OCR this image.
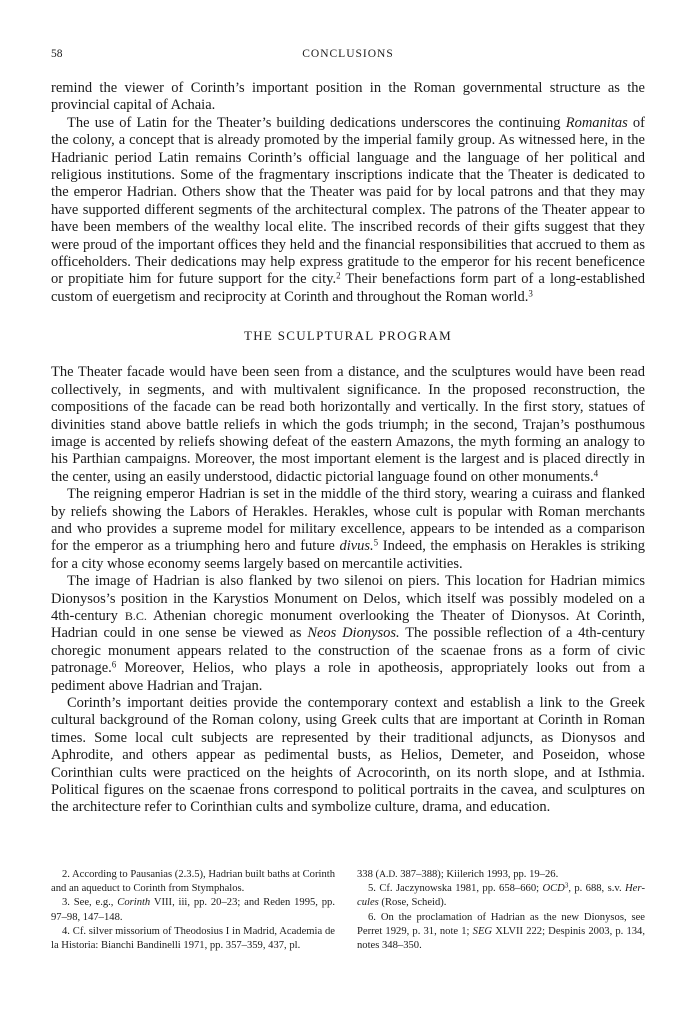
58	CONCLUSIONS

remind the viewer of Corinth’s important position in the Roman governmental structure as the provincial capital of Achaia.

The use of Latin for the Theater’s building dedications underscores the continuing Romanitas of the colony, a concept that is already promoted by the imperial family group. As witnessed here, in the Hadrianic period Latin remains Corinth’s official language and the language of her political and religious institutions. Some of the fragmentary inscriptions indicate that the Theater is dedicated to the emperor Hadrian. Others show that the Theater was paid for by local patrons and that they may have supported different segments of the architectural complex. The patrons of the Theater appear to have been members of the wealthy local elite. The inscribed records of their gifts suggest that they were proud of the important offices they held and the financial responsibilities that accrued to them as officeholders. Their dedications may help express gratitude to the emperor for his recent beneficence or propitiate him for future support for the city.$^2$ Their benefactions form part of a long-established custom of euergetism and reciprocity at Corinth and throughout the Roman world.$^3$

THE SCULPTURAL PROGRAM

The Theater facade would have been seen from a distance, and the sculptures would have been read collectively, in segments, and with multivalent significance. In the proposed reconstruction, the compositions of the facade can be read both horizontally and vertically. In the first story, statues of divinities stand above battle reliefs in which the gods triumph; in the second, Trajan’s posthumous image is accented by reliefs showing defeat of the eastern Amazons, the myth forming an analogy to his Parthian campaigns. Moreover, the most important element is the largest and is placed directly in the center, using an easily understood, didactic pictorial language found on other monuments.$^4$

The reigning emperor Hadrian is set in the middle of the third story, wearing a cuirass and flanked by reliefs showing the Labors of Herakles. Herakles, whose cult is popular with Roman merchants and who provides a supreme model for military excellence, appears to be intended as a comparison for the emperor as a triumphing hero and future divus.$^5$ Indeed, the emphasis on Herakles is striking for a city whose economy seems largely based on mercantile activities.

The image of Hadrian is also flanked by two silenoi on piers. This location for Hadrian mimics Dionysos’s position in the Karystios Monument on Delos, which itself was possibly modeled on a 4th-century B.C. Athenian choregic monument overlooking the Theater of Dionysos. At Corinth, Hadrian could in one sense be viewed as Neos Dionysos. The possible reflection of a 4th-century choregic monument appears related to the construction of the scaenae frons as a form of civic patronage.$^6$ Moreover, Helios, who plays a role in apotheosis, appropriately looks out from a pediment above Hadrian and Trajan.

Corinth’s important deities provide the contemporary context and establish a link to the Greek cultural background of the Roman colony, using Greek cults that are important at Corinth in Roman times. Some local cult subjects are represented by their traditional adjuncts, as Dionysos and Aphrodite, and others appear as pedimental busts, as Helios, Demeter, and Poseidon, whose Corinthian cults were practiced on the heights of Acrocorinth, on its north slope, and at Isthmia. Political figures on the scaenae frons correspond to political portraits in the cavea, and sculptures on the architecture refer to Corinthian cults and symbolize culture, drama, and education.

2. According to Pausanias (2.3.5), Hadrian built baths at Corinth and an aqueduct to Corinth from Stymphalos.

3. See, e.g., Corinth VIII, iii, pp. 20–23; and Reden 1995, pp. 97–98, 147–148.

4. Cf. silver missorium of Theodosius I in Madrid, Academia de la Historia: Bianchi Bandinelli 1971, pp. 357–359, 437, pl.

338 (A.D. 387–388); Kiilerich 1993, pp. 19–26.

5. Cf. Jaczynowska 1981, pp. 658–660; OCD$^3$, p. 688, s.v. Hercules (Rose, Scheid).

6. On the proclamation of Hadrian as the new Dionysos, see Perret 1929, p. 31, note 1; SEG XLVII 222; Despinis 2003, p. 134, notes 348–350.
